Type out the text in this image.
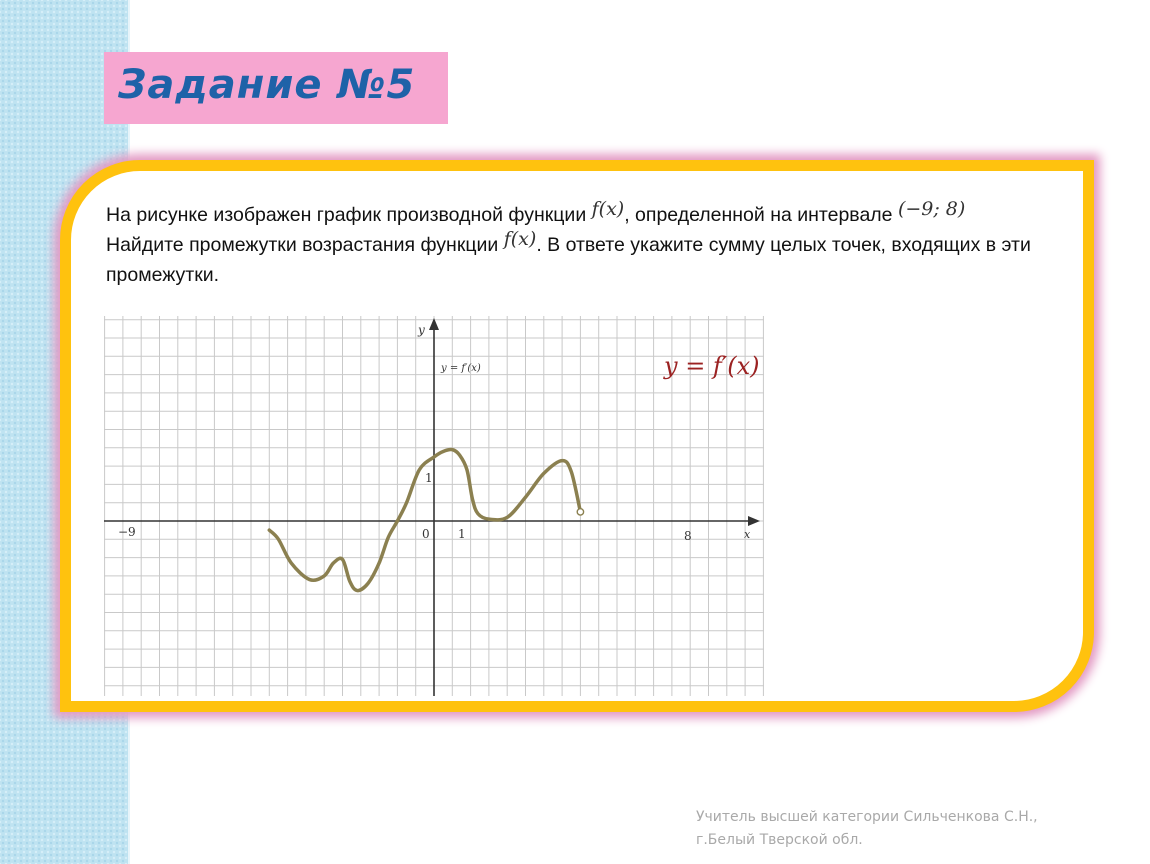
Задание №5
На рисунке изображен график производной функции f(x), определенной на интервале (−9; 8)
Найдите промежутки возрастания функции f(x). В ответе укажите сумму целых точек, входящих в эти промежутки.
−9	0 1	8
1
x
y
y = f′(x)	y = f′(x)
Учитель высшей категории Сильченкова С.Н.,
г.Белый Тверской обл.
